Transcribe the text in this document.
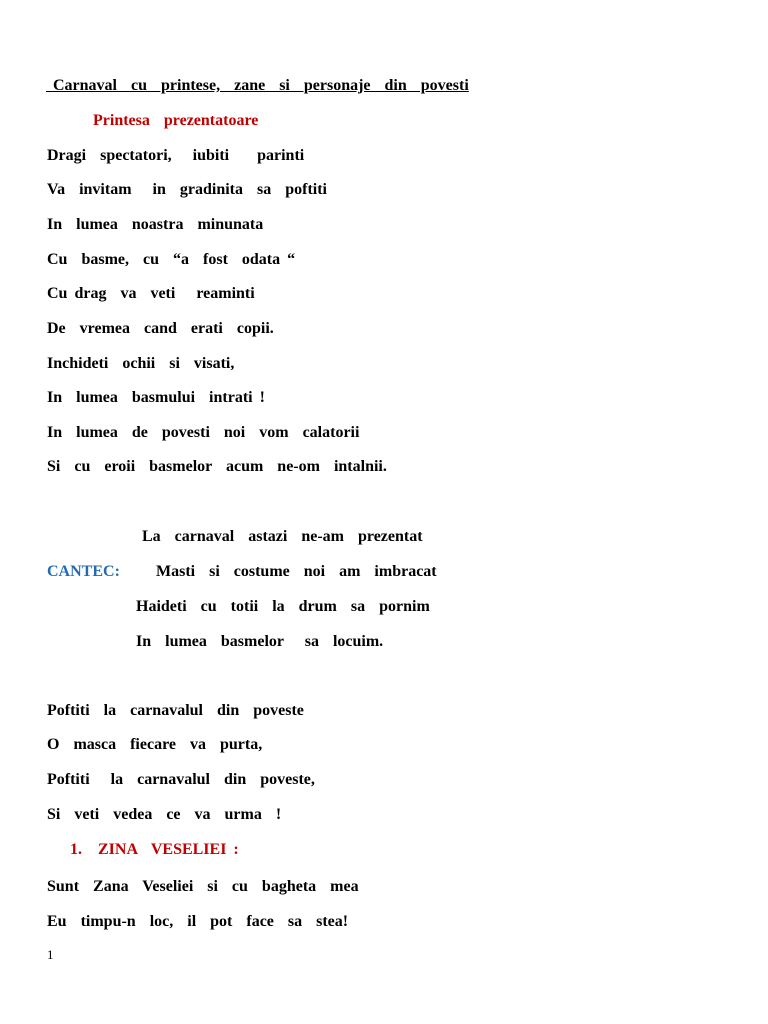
Carnaval  cu  printese,  zane  si  personaje  din  povesti
Printesa  prezentatoare
Dragi  spectatori,   iubiti    parinti
Va  invitam   in  gradinita  sa  poftiti
In  lumea  noastra  minunata
Cu  basme,  cu  “a  fost  odata “
Cu drag  va  veti   reaminti
De  vremea  cand  erati  copii.
Inchideti  ochii  si  visati,
In  lumea  basmului  intrati !
In  lumea  de  povesti  noi  vom  calatorii
Si  cu  eroii  basmelor  acum  ne-om  intalnii.
La  carnaval  astazi  ne-am  prezentat
CANTEC: Masti  si  costume  noi  am  imbracat
Haideti  cu  totii  la  drum  sa  pornim
In  lumea  basmelor   sa  locuim.
Poftiti  la  carnavalul  din  poveste
O  masca  fiecare  va  purta,
Poftiti   la  carnavalul  din  poveste,
Si  veti  vedea  ce  va  urma  !
1. ZINA  VESELIEI :
Sunt  Zana  Veseliei  si  cu  bagheta  mea
Eu  timpu-n  loc,  il  pot  face  sa  stea!
1
